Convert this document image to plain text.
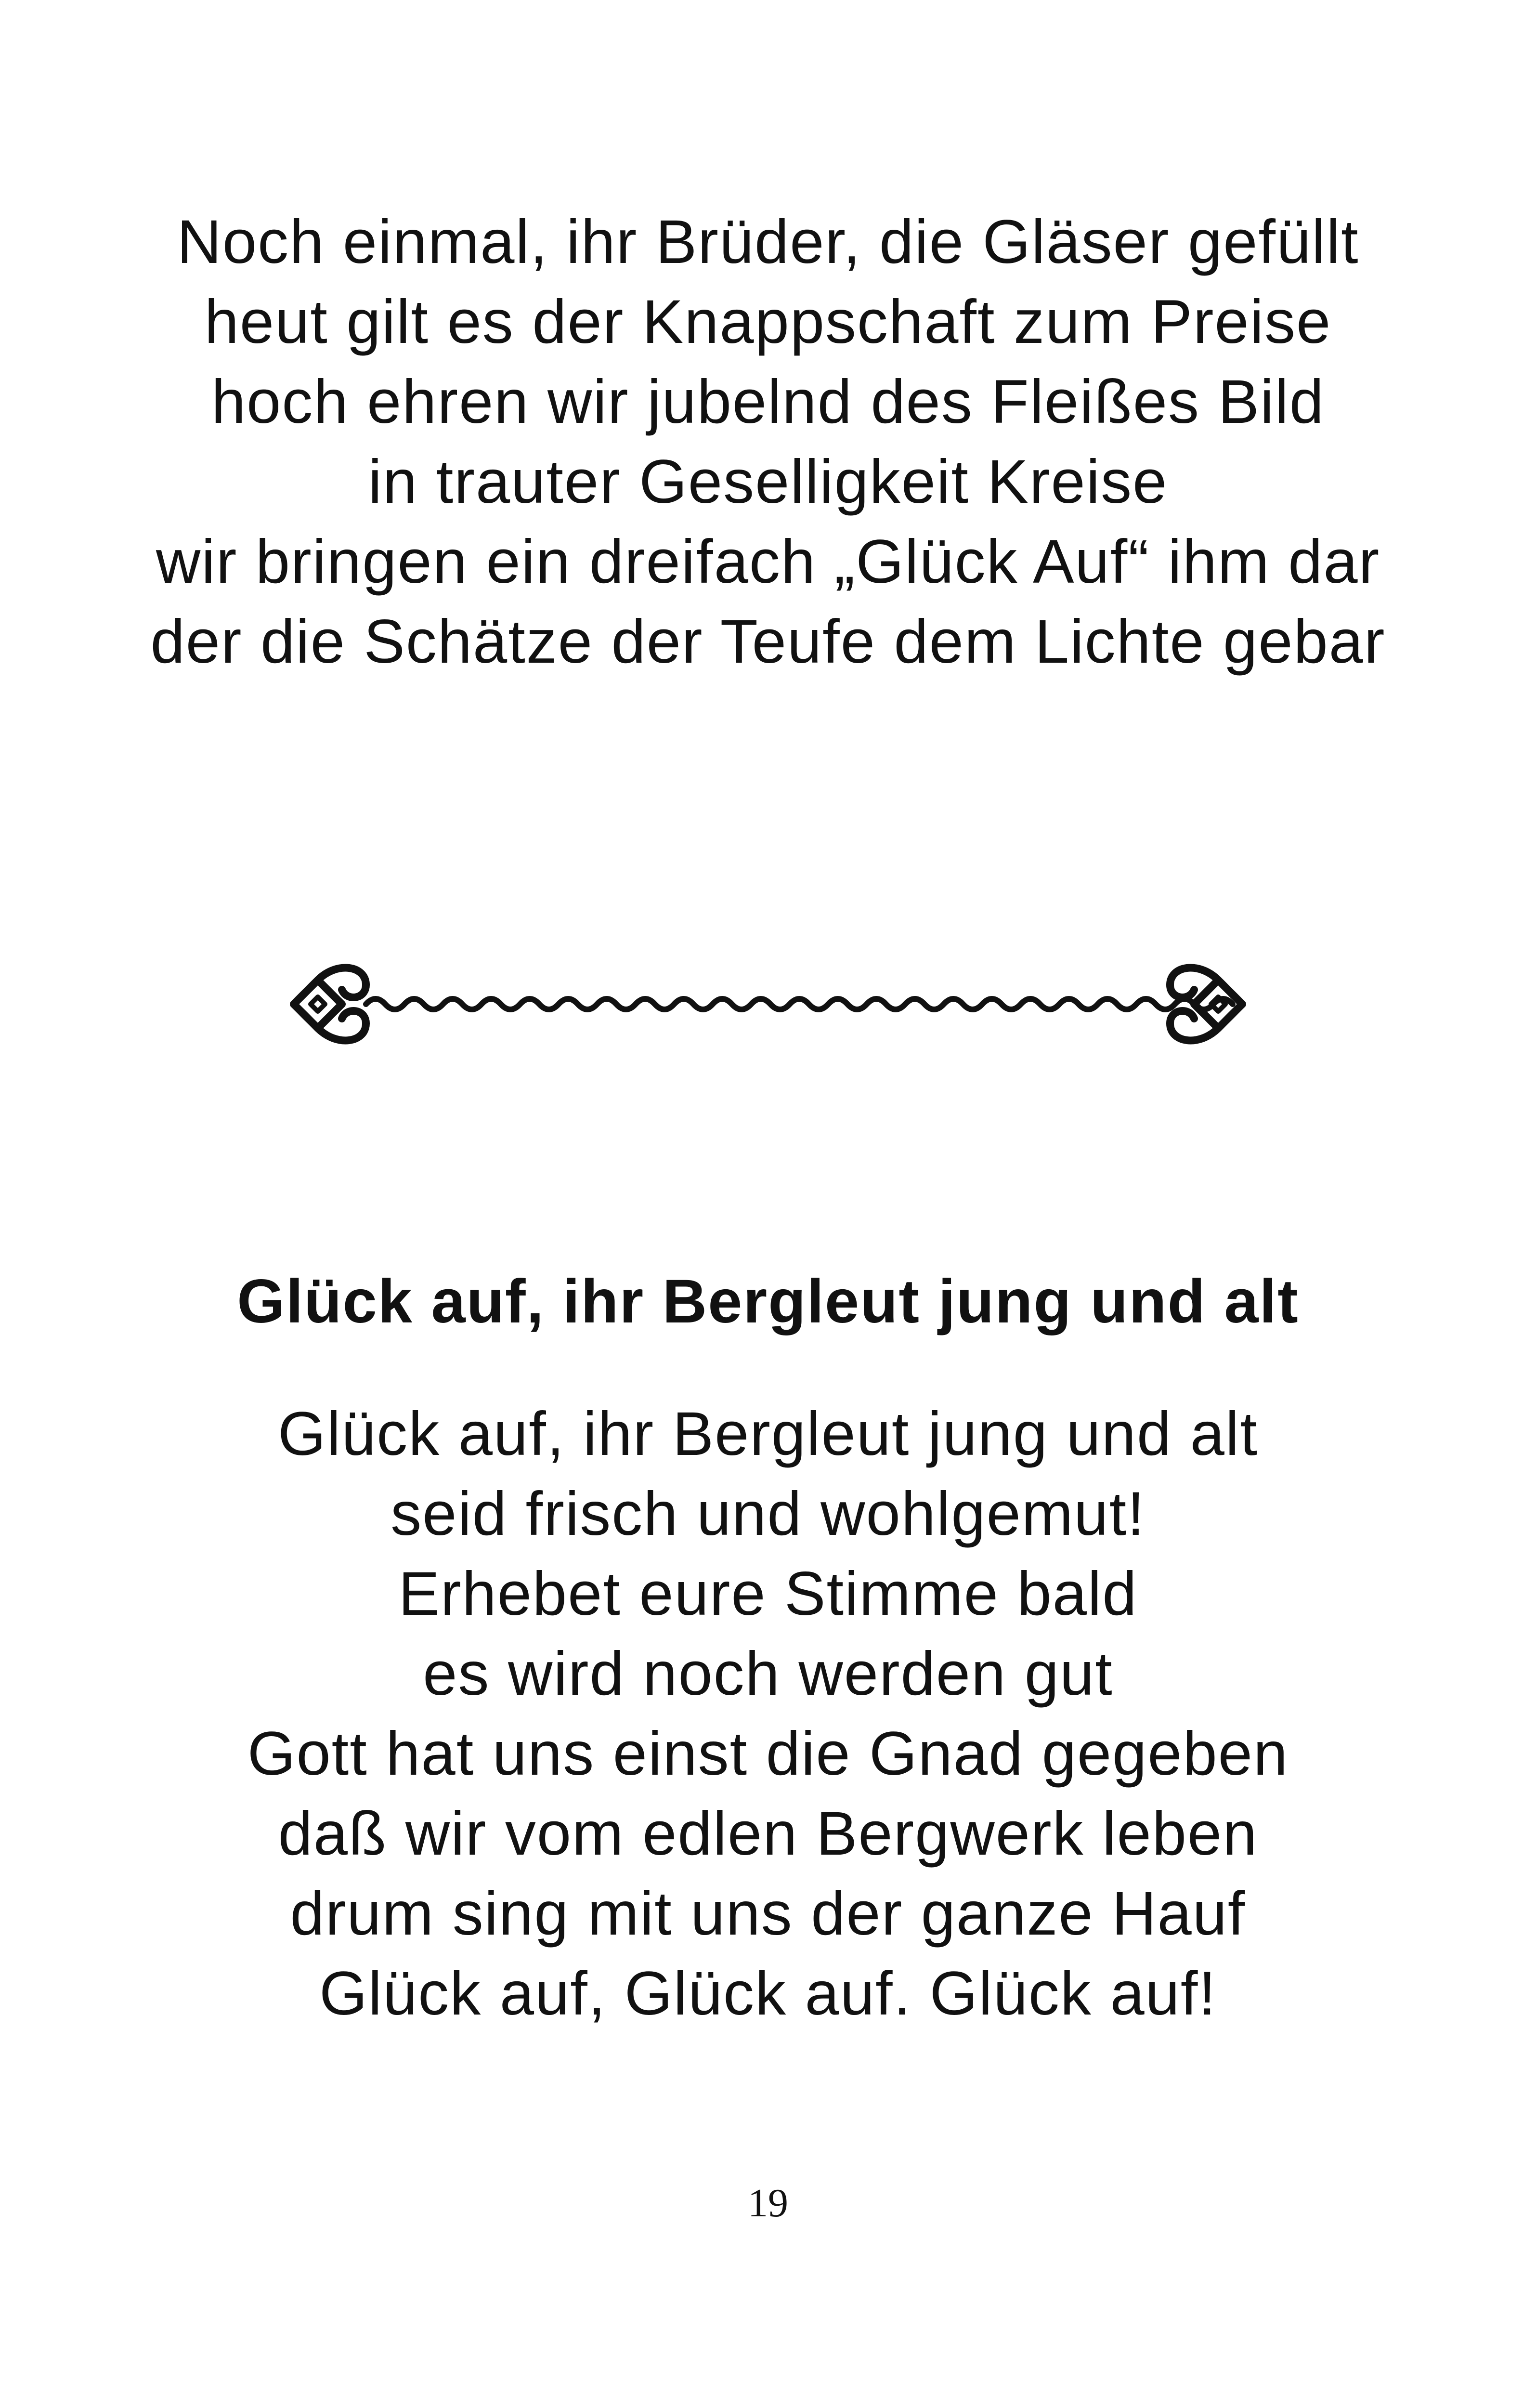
Noch einmal, ihr Brüder, die Gläser gefüllt
heut gilt es der Knappschaft zum Preise
hoch ehren wir jubelnd des Fleißes Bild
in trauter Geselligkeit Kreise
wir bringen ein dreifach „Glück Auf“ ihm dar
der die Schätze der Teufe dem Lichte gebar
Glück auf, ihr Bergleut jung und alt
Glück auf, ihr Bergleut jung und alt
seid frisch und wohlgemut!
Erhebet eure Stimme bald
es wird noch werden gut
Gott hat uns einst die Gnad gegeben
daß wir vom edlen Bergwerk leben
drum sing mit uns der ganze Hauf
Glück auf, Glück auf. Glück auf!
19
